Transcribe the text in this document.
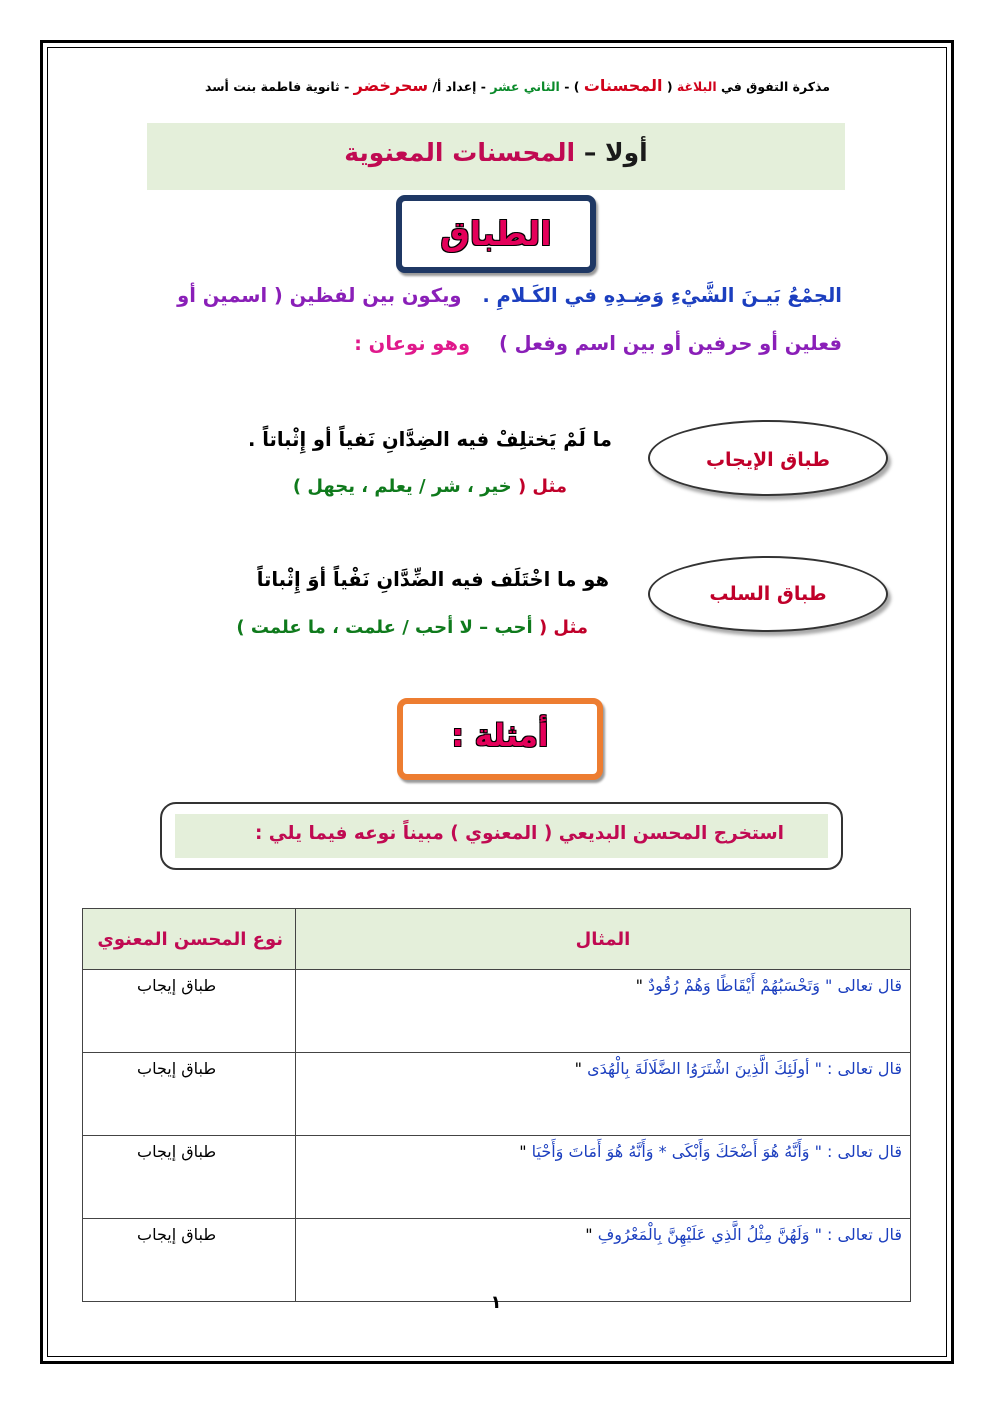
مذكرة التفوق في البلاغة ( المحسنات ) - الثاني عشر - إعداد أ/ سحرخضر - ثانوية فاطمة بنت أسد
أولا – المحسنات المعنوية
الطباق
الجمْعُ بَيـنَ الشَّيْءِ وَضِـدِهِ في الكَـلامِ . ويكون بين لفظين ( اسمين أو
فعلين أو حرفين أو بين اسم وفعل ) وهو نوعان :
طباق الإيجاب
ما لَمْ يَختلِفْ فيه الضِدَّانِ نَفياً أو إِثْباتاً .
مثل ( خير ، شر / يعلم ، يجهل )
طباق السلب
هو ما اخْتَلَف فيه الضِّدَّانِ نَفْياً أوَ إِثْباتاً
مثل ( أحب – لا أحب / علمت ، ما علمت )
أمثلة :
استخرج المحسن البديعي ( المعنوي ) مبيناً نوعه فيما يلي :
المثال	نوع المحسن المعنوي
قال تعالى " وَتَحْسَبُهُمْ أَيْقَاظًا وَهُمْ رُقُودٌ "	طباق إيجاب
قال تعالى : " أولَئِكَ الَّذِينَ اشْتَرَوُا الضَّلَالَةَ بِالْهُدَى "	طباق إيجاب
قال تعالى : " وَأَنَّهُ هُوَ أَضْحَكَ وَأَبْكَى * وَأَنَّهُ هُوَ أَمَاتَ وَأَحْيَا "	طباق إيجاب
قال تعالى : " وَلَهُنَّ مِثْلُ الَّذِي عَلَيْهِنَّ بِالْمَعْرُوفِ "	طباق إيجاب
١
